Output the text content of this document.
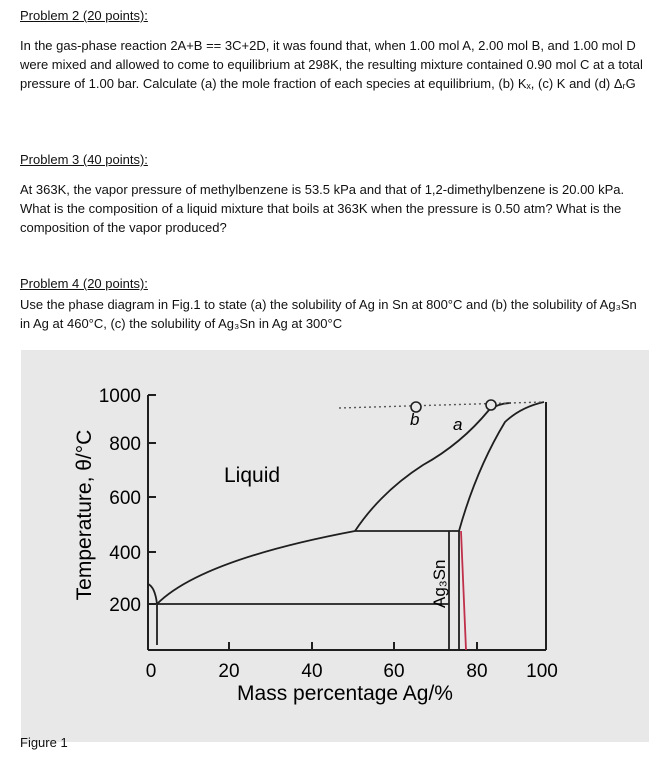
Problem 2 (20 points):

In the gas-phase reaction 2A+B == 3C+2D, it was found that, when 1.00 mol A, 2.00 mol B, and 1.00 mol D were mixed and allowed to come to equilibrium at 298K, the resulting mixture contained 0.90 mol C at a total pressure of 1.00 bar. Calculate (a) the mole fraction of each species at equilibrium, (b) Kₓ, (c) K and (d) ΔᵣG

Problem 3 (40 points):

At 363K, the vapor pressure of methylbenzene is 53.5 kPa and that of 1,2-dimethylbenzene is 20.00 kPa. What is the composition of a liquid mixture that boils at 363K when the pressure is 0.50 atm? What is the composition of the vapor produced?

Problem 4 (20 points):

Use the phase diagram in Fig.1 to state (a) the solubility of Ag in Sn at 800°C and (b) the solubility of Ag₃Sn in Ag at 460°C, (c) the solubility of Ag₃Sn in Ag at 300°C

b a
Liquid
Ag₃Sn
1000
800
600
400
200
0	20	40	60	80 100
Mass percentage Ag/%
Temperature, θ/°C
Figure 1
